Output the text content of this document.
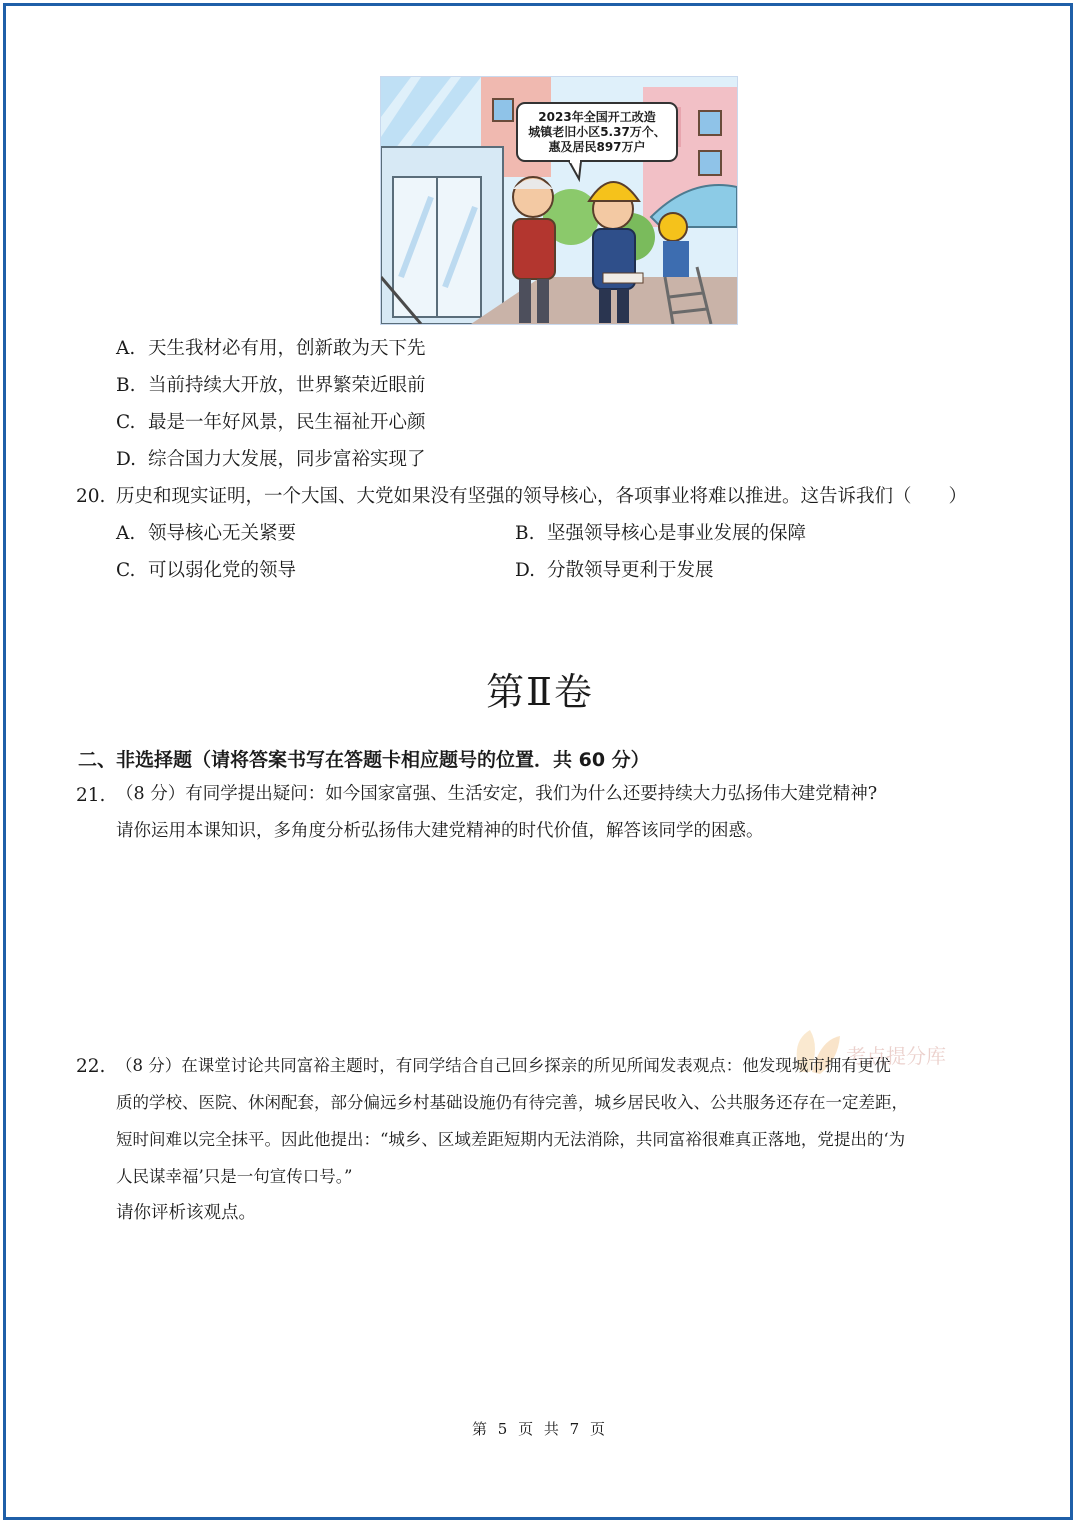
2023年全国开工改造
城镇老旧小区5.37万个、
惠及居民897万户
A. 天生我材必有用，创新敢为天下先
B. 当前持续大开放，世界繁荣近眼前
C. 最是一年好风景，民生福祉开心颜
D. 综合国力大发展，同步富裕实现了
20. 历史和现实证明，一个大国、大党如果没有坚强的领导核心，各项事业将难以推进。这告诉我们（　　）
A. 领导核心无关紧要	B. 坚强领导核心是事业发展的保障
C. 可以弱化党的领导	D. 分散领导更利于发展
第Ⅱ卷
二、非选择题（请将答案书写在答题卡相应题号的位置．共 60 分）
21. （8 分）有同学提出疑问：如今国家富强、生活安定，我们为什么还要持续大力弘扬伟大建党精神?
请你运用本课知识，多角度分析弘扬伟大建党精神的时代价值，解答该同学的困惑。
考点提分库
22. （8 分）在课堂讨论共同富裕主题时，有同学结合自己回乡探亲的所见所闻发表观点：他发现城市拥有更优
质的学校、医院、休闲配套，部分偏远乡村基础设施仍有待完善，城乡居民收入、公共服务还存在一定差距，
短时间难以完全抹平。因此他提出：“城乡、区域差距短期内无法消除，共同富裕很难真正落地，党提出的‘为
人民谋幸福’只是一句宣传口号。”
请你评析该观点。
第 5 页 共 7 页
